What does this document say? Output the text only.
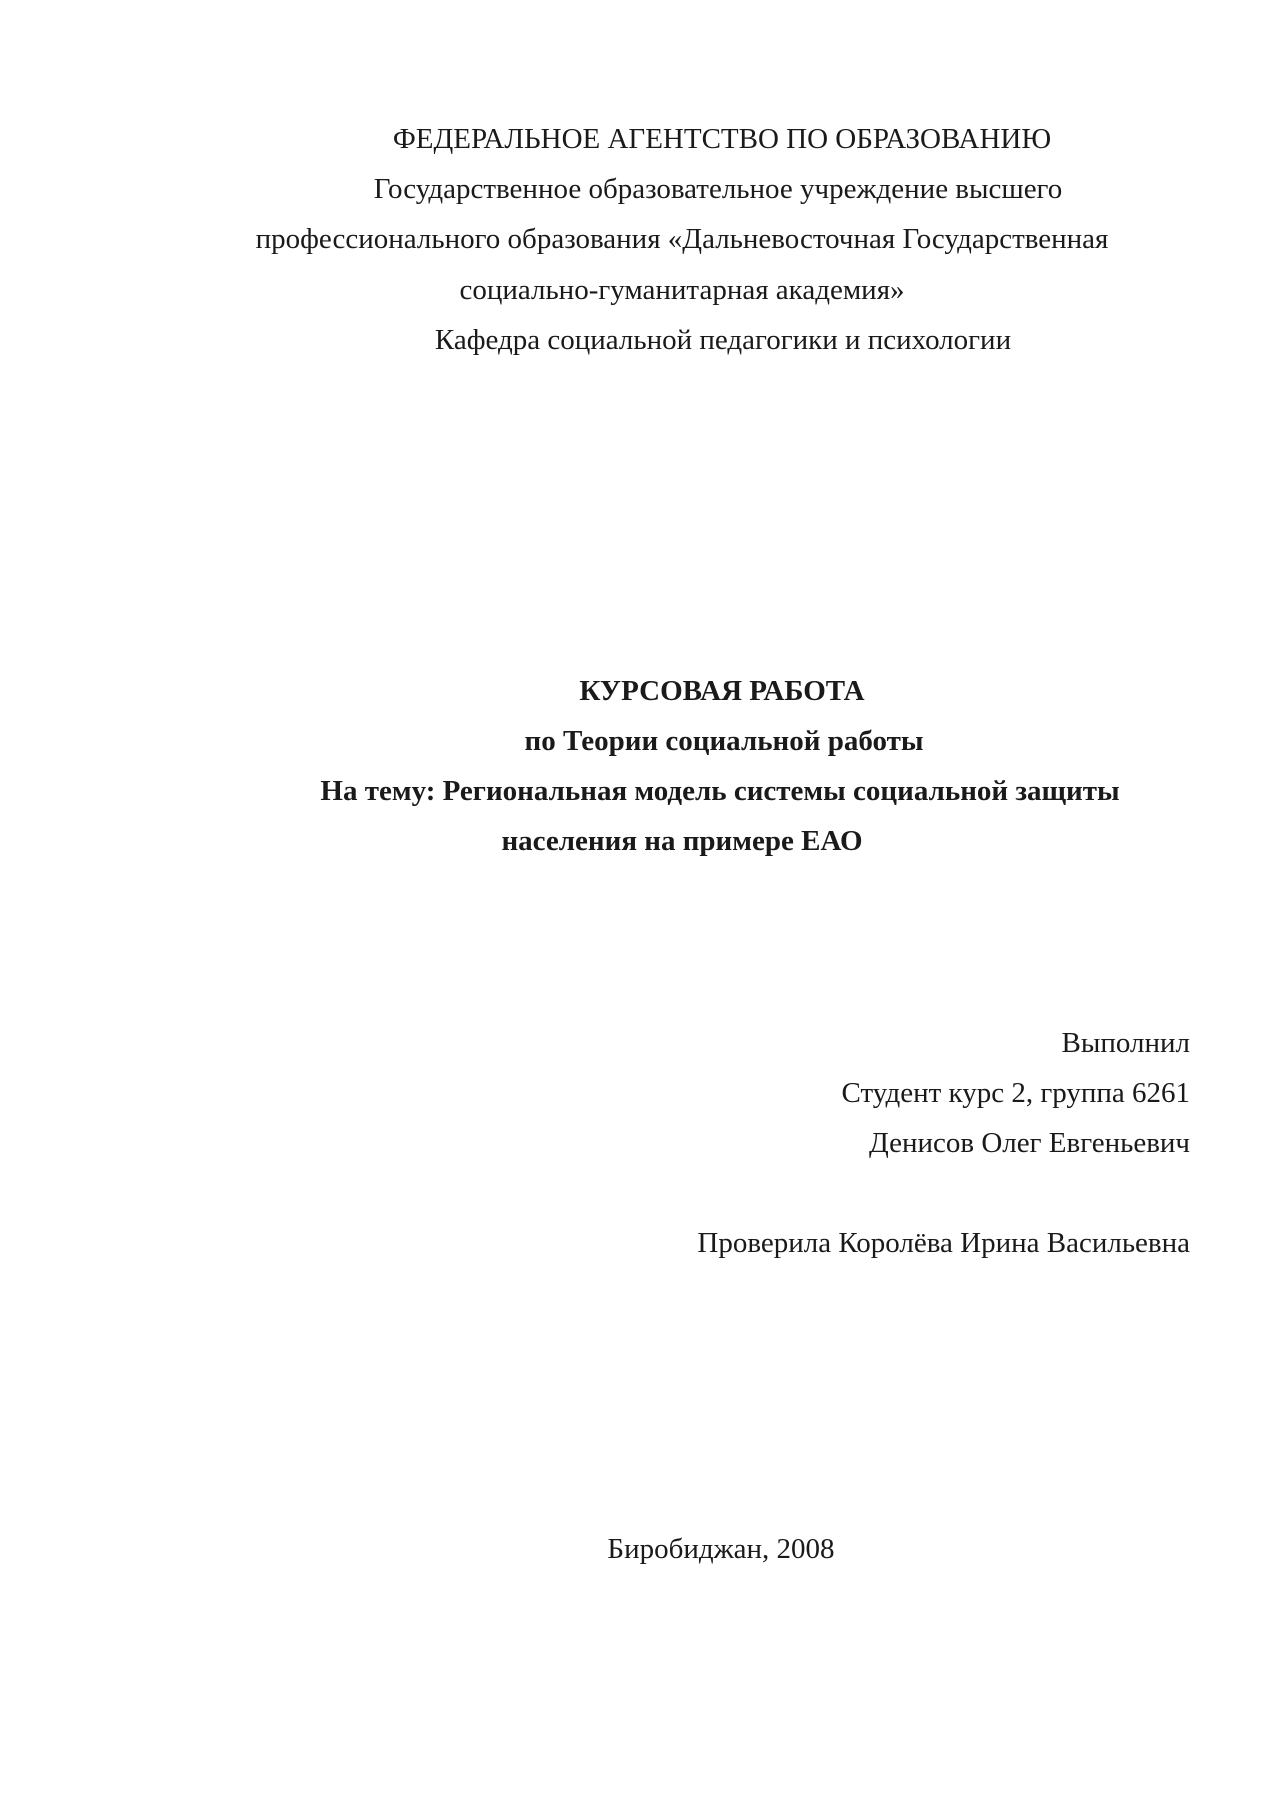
ФЕДЕРАЛЬНОЕ АГЕНТСТВО ПО ОБРАЗОВАНИЮ
Государственное образовательное учреждение высшего
профессионального образования «Дальневосточная Государственная
социально-гуманитарная академия»
Кафедра социальной педагогики и психологии
КУРСОВАЯ РАБОТА
по Теории социальной работы
На тему: Региональная модель системы социальной защиты
населения на примере ЕАО
Выполнил
Студент курс 2, группа 6261
Денисов Олег Евгеньевич
Проверила Королёва Ирина Васильевна
Биробиджан, 2008
